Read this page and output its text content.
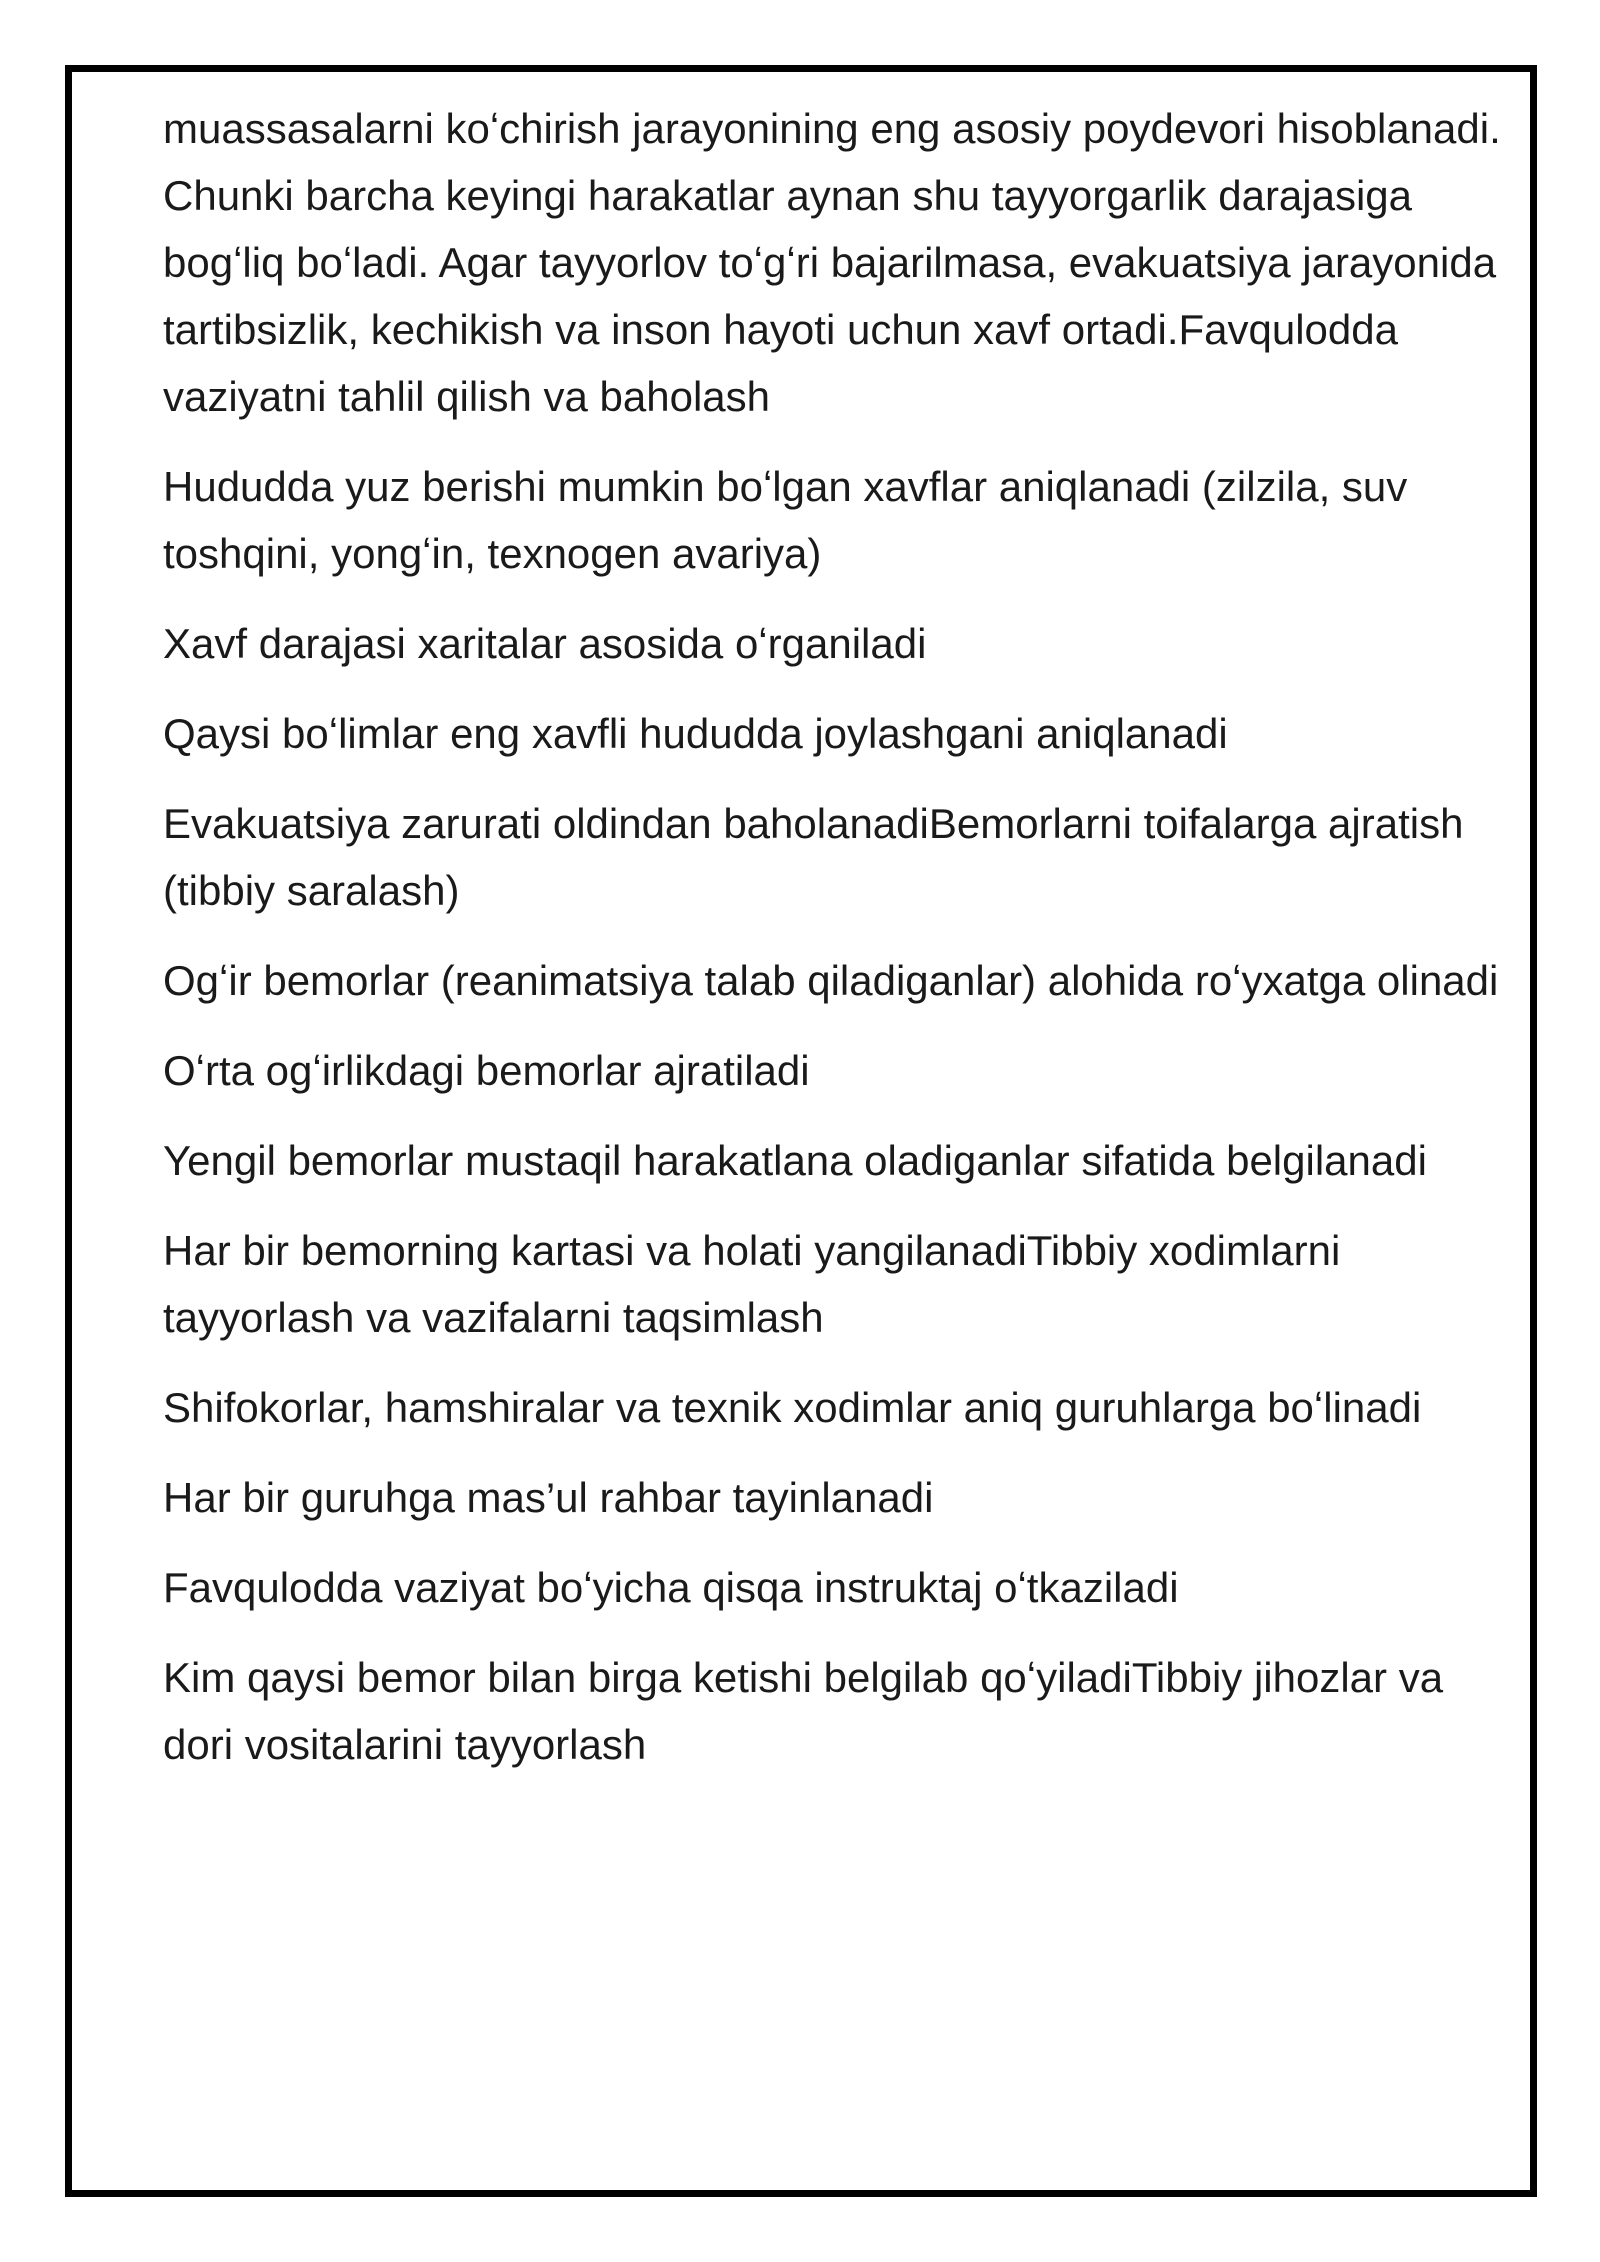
muassasalarni koʻchirish jarayonining eng asosiy poydevori hisoblanadi. Chunki barcha keyingi harakatlar aynan shu tayyorgarlik darajasiga bogʻliq boʻladi. Agar tayyorlov toʻgʻri bajarilmasa, evakuatsiya jarayonida tartibsizlik, kechikish va inson hayoti uchun xavf ortadi.Favqulodda vaziyatni tahlil qilish va baholash

Hududda yuz berishi mumkin boʻlgan xavflar aniqlanadi (zilzila, suv toshqini, yongʻin, texnogen avariya)

Xavf darajasi xaritalar asosida oʻrganiladi

Qaysi boʻlimlar eng xavfli hududda joylashgani aniqlanadi

Evakuatsiya zarurati oldindan baholanadiBemorlarni toifalarga ajratish (tibbiy saralash)

Ogʻir bemorlar (reanimatsiya talab qiladiganlar) alohida roʻyxatga olinadi

Oʻrta ogʻirlikdagi bemorlar ajratiladi

Yengil bemorlar mustaqil harakatlana oladiganlar sifatida belgilanadi

Har bir bemorning kartasi va holati yangilanadiTibbiy xodimlarni tayyorlash va vazifalarni taqsimlash

Shifokorlar, hamshiralar va texnik xodimlar aniq guruhlarga boʻlinadi

Har bir guruhga mas’ul rahbar tayinlanadi

Favqulodda vaziyat boʻyicha qisqa instruktaj oʻtkaziladi

Kim qaysi bemor bilan birga ketishi belgilab qoʻyiladiTibbiy jihozlar va dori vositalarini tayyorlash
